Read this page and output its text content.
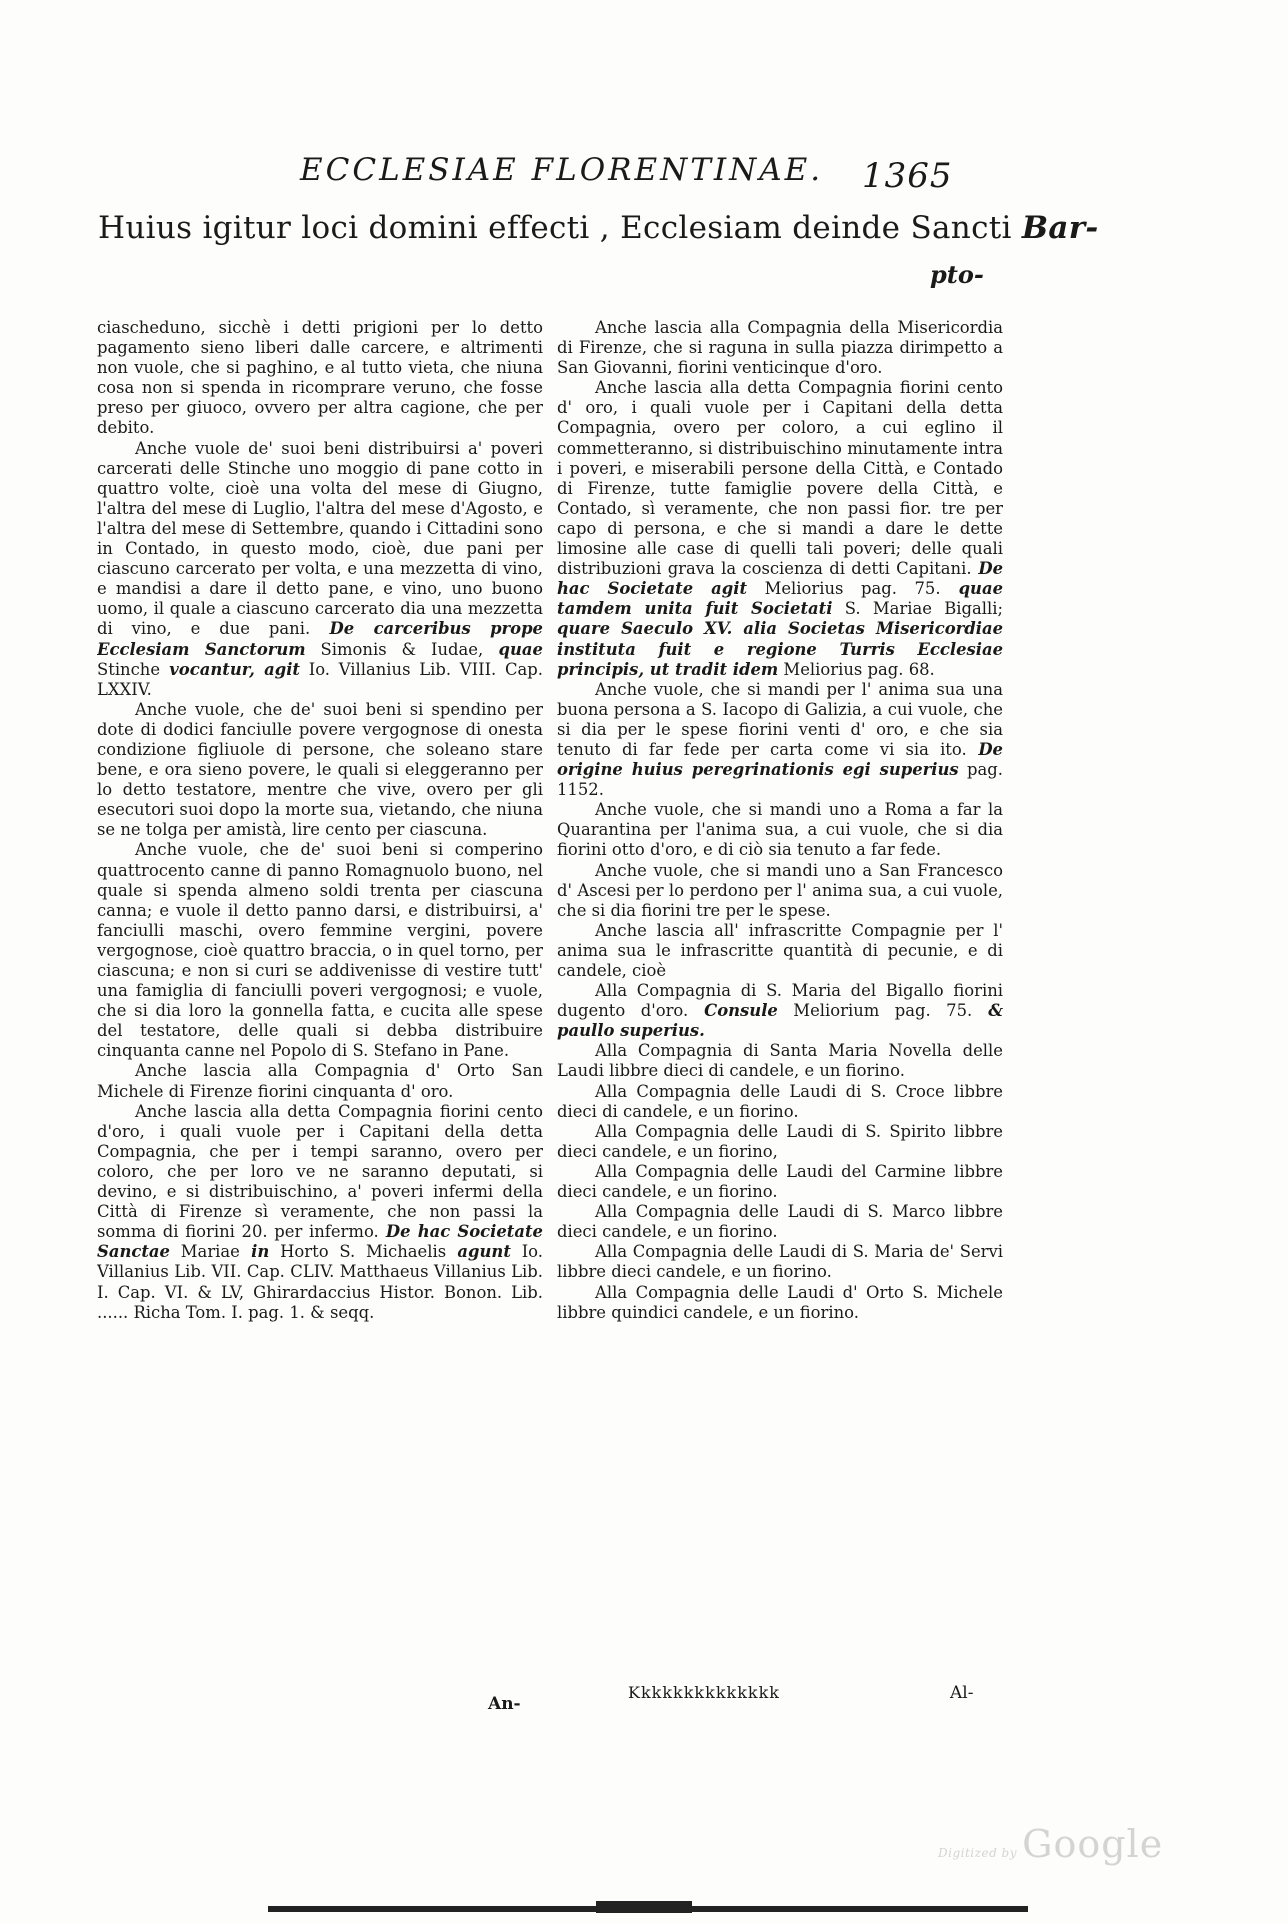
ECCLESIAE FLORENTINAE. 1365
Huius igitur loci domini effecti , Ecclesiam deinde Sancti Bar-
pto-

ciascheduno, sicchè i detti prigioni per lo detto pagamento sieno liberi dalle carcere, e altrimenti non vuole, che si paghino, e al tutto vieta, che niuna cosa non si spenda in ricomprare veruno, che fosse preso per giuoco, ovvero per altra cagione, che per debito.

Anche vuole de' suoi beni distribuirsi a' poveri carcerati delle Stinche uno moggio di pane cotto in quattro volte, cioè una volta del mese di Giugno, l'altra del mese di Luglio, l'altra del mese d'Agosto, e l'altra del mese di Settembre, quando i Cittadini sono in Contado, in questo modo, cioè, due pani per ciascuno carcerato per volta, e una mezzetta di vino, e mandisi a dare il detto pane, e vino, uno buono uomo, il quale a ciascuno carcerato dia una mezzetta di vino, e due pani. De carceribus prope Ecclesiam Sanctorum Simonis & Iudae, quae Stinche vocantur, agit Io. Villanius Lib. VIII. Cap. LXXIV.

Anche vuole, che de' suoi beni si spendino per dote di dodici fanciulle povere vergognose di onesta condizione figliuole di persone, che soleano stare bene, e ora sieno povere, le quali si eleggeranno per lo detto testatore, mentre che vive, overo per gli esecutori suoi dopo la morte sua, vietando, che niuna se ne tolga per amistà, lire cento per ciascuna.

Anche vuole, che de' suoi beni si comperino quattrocento canne di panno Romagnuolo buono, nel quale si spenda almeno soldi trenta per ciascuna canna; e vuole il detto panno darsi, e distribuirsi, a' fanciulli maschi, overo femmine vergini, povere vergognose, cioè quattro braccia, o in quel torno, per ciascuna; e non si curi se addivenisse di vestire tutt' una famiglia di fanciulli poveri vergognosi; e vuole, che si dia loro la gonnella fatta, e cucita alle spese del testatore, delle quali si debba distribuire cinquanta canne nel Popolo di S. Stefano in Pane.

Anche lascia alla Compagnia d' Orto San Michele di Firenze fiorini cinquanta d' oro.

Anche lascia alla detta Compagnia fiorini cento d'oro, i quali vuole per i Capitani della detta Compagnia, che per i tempi saranno, overo per coloro, che per loro ve ne saranno deputati, si devino, e si distribuischino, a' poveri infermi della Città di Firenze sì veramente, che non passi la somma di fiorini 20. per infermo. De hac Societate Sanctae Mariae in Horto S. Michaelis agunt Io. Villanius Lib. VII. Cap. CLIV. Matthaeus Villanius Lib. I. Cap. VI. & LV, Ghirardaccius Histor. Bonon. Lib. ...... Richa Tom. I. pag. 1. & seqq.

Anche lascia alla Compagnia della Misericordia di Firenze, che si ragunа in sulla piazza dirimpetto a San Giovanni, fiorini venticinque d'oro.

Anche lascia alla detta Compagnia fiorini cento d' oro, i quali vuole per i Capitani della detta Compagnia, overo per coloro, a cui eglino il commetteranno, si distribuischino minutamente intra i poveri, e miserabili persone della Città, e Contado di Firenze, tutte famiglie povere della Città, e Contado, sì veramente, che non passi fior. tre per capo di persona, e che si mandi a dare le dette limosine alle case di quelli tali poveri; delle quali distribuzioni grava la coscienza di detti Capitani. De hac Societate agit Meliorius pag. 75. quae tamdem unita fuit Societati S. Mariae Bigalli; quare Saeculo XV. alia Societas Misericordiae instituta fuit e regione Turris Ecclesiae principis, ut tradit idem Meliorius pag. 68.

Anche vuole, che si mandi per l' anima sua una buona persona a S. Iacopo di Galizia, a cui vuole, che si dia per le spese fiorini venti d' oro, e che sia tenuto di far fede per carta come vi sia ito. De origine huius peregrinationis egi superius pag. 1152.

Anche vuole, che si mandi uno a Roma a far la Quarantina per l'anima sua, a cui vuole, che si dia fiorini otto d'oro, e di ciò sia tenuto a far fede.

Anche vuole, che si mandi uno a San Francesco d' Ascesi per lo perdono per l' anima sua, a cui vuole, che si dia fiorini tre per le spese.

Anche lascia all' infrascritte Compagnie per l' anima sua le infrascritte quantità di pecunie, e di candele, cioè

Alla Compagnia di S. Maria del Bigallo fiorini dugento d'oro. Consule Meliorium pag. 75. & paullo superius.

Alla Compagnia di Santa Maria Novella delle Laudi libbre dieci di candele, e un fiorino.

Alla Compagnia delle Laudi di S. Croce libbre dieci di candele, e un fiorino.

Alla Compagnia delle Laudi di S. Spirito libbre dieci candele, e un fiorino,

Alla Compagnia delle Laudi del Carmine libbre dieci candele, e un fiorino.

Alla Compagnia delle Laudi di S. Marco libbre dieci candele, e un fiorino.

Alla Compagnia delle Laudi di S. Maria de' Servi libbre dieci candele, e un fiorino.

Alla Compagnia delle Laudi d' Orto S. Michele libbre quindici candele, e un fiorino.

An-
Kkkkkkkkkkkkkk	Al-
Digitized by Google
